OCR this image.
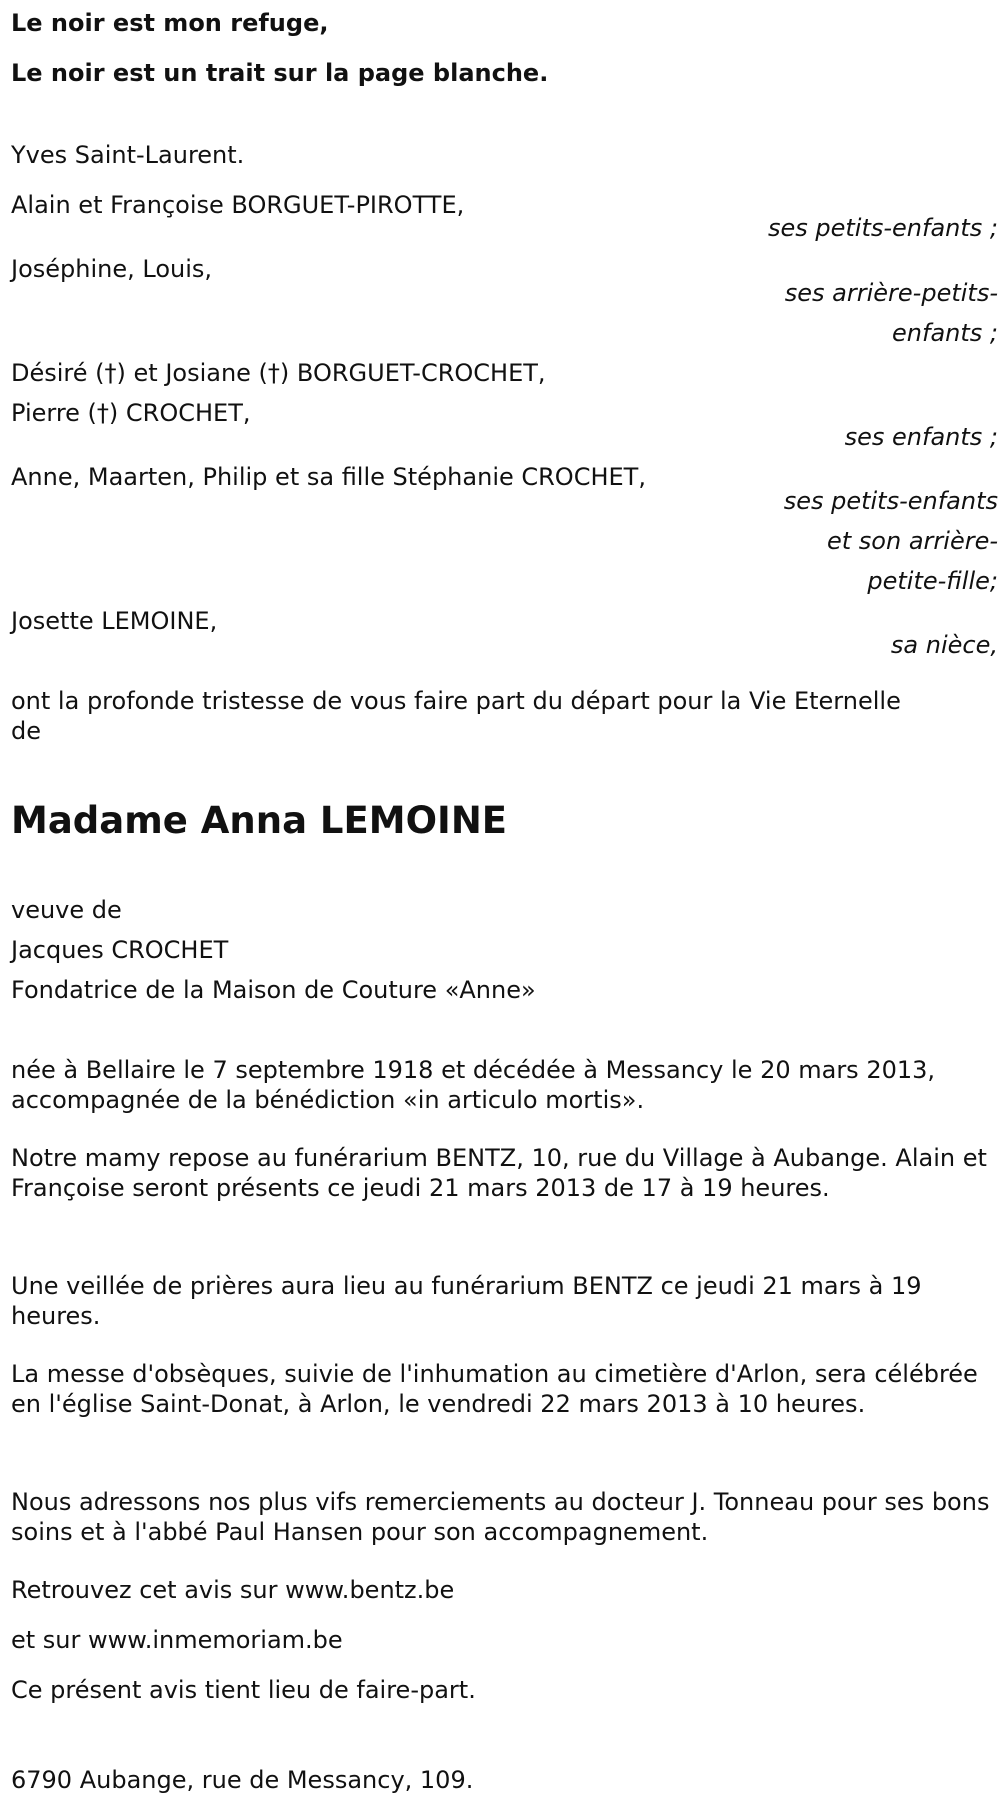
Le noir est mon refuge,
Le noir est un trait sur la page blanche.
Yves Saint-Laurent.
Alain et Françoise BORGUET-PIROTTE,
ses petits-enfants ;
Joséphine, Louis,
ses arrière-petits-
enfants ;
Désiré (†) et Josiane (†) BORGUET-CROCHET,
Pierre (†) CROCHET,
ses enfants ;
Anne, Maarten, Philip et sa fille Stéphanie CROCHET,
ses petits-enfants
et son arrière-
petite-fille;
Josette LEMOINE,
sa nièce,
ont la profonde tristesse de vous faire part du départ pour la Vie Eternelle de
Madame Anna LEMOINE
veuve de
Jacques CROCHET
Fondatrice de la Maison de Couture «Anne»
née à Bellaire le 7 septembre 1918 et décédée à Messancy le 20 mars 2013, accompagnée de la bénédiction «in articulo mortis».
Notre mamy repose au funérarium BENTZ, 10, rue du Village à Aubange. Alain et Françoise seront présents ce jeudi 21 mars 2013 de 17 à 19 heures.
Une veillée de prières aura lieu au funérarium BENTZ ce jeudi 21 mars à 19 heures.
La messe d'obsèques, suivie de l'inhumation au cimetière d'Arlon, sera célébrée en l'église Saint-Donat, à Arlon, le vendredi 22 mars 2013 à 10 heures.
Nous adressons nos plus vifs remerciements au docteur J. Tonneau pour ses bons soins et à l'abbé Paul Hansen pour son accompagnement.
Retrouvez cet avis sur www.bentz.be
et sur www.inmemoriam.be
Ce présent avis tient lieu de faire-part.
6790 Aubange, rue de Messancy, 109.
